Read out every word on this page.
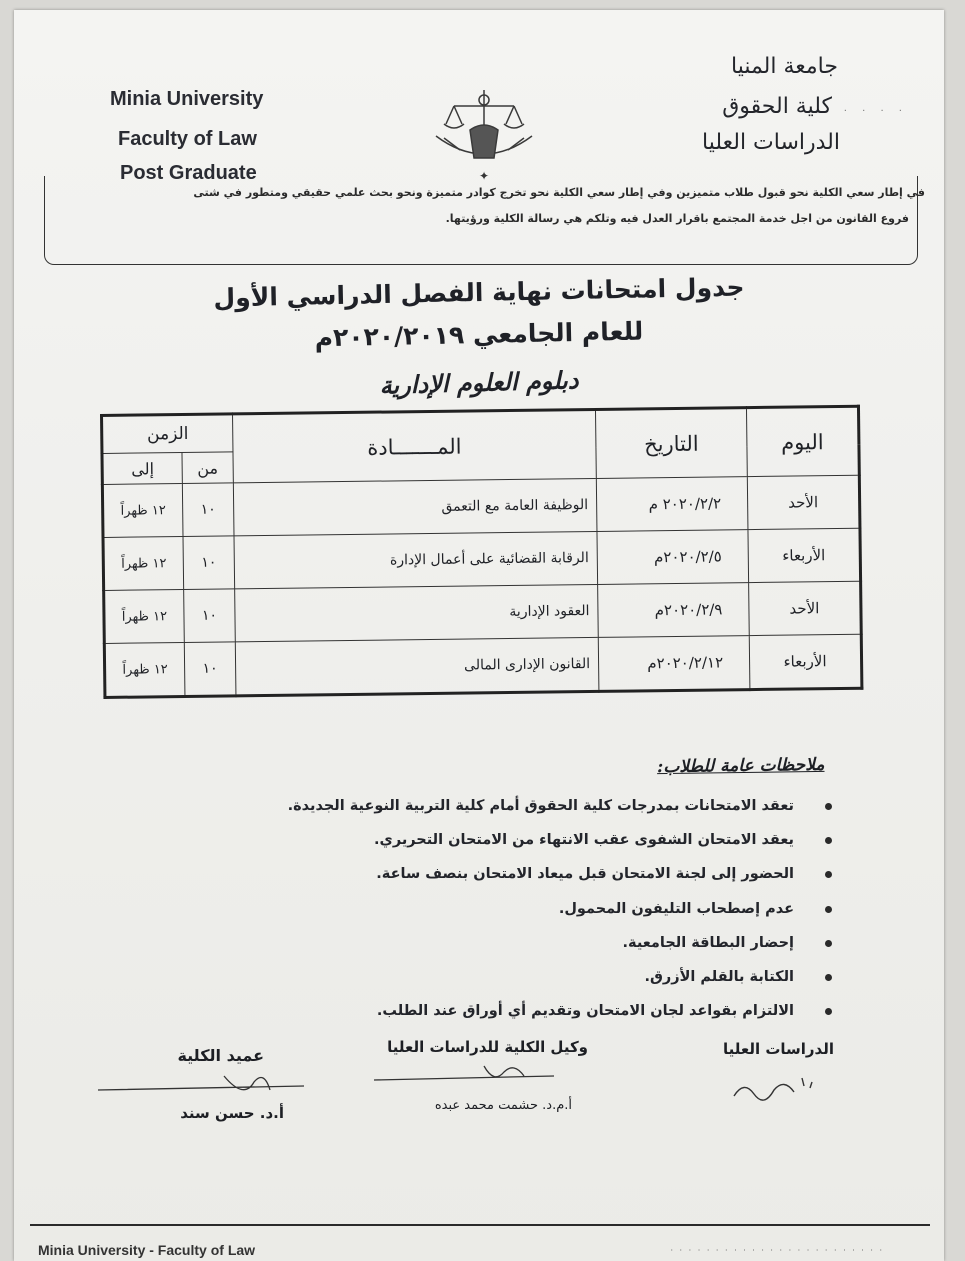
Minia University
Faculty of Law
Post Graduate
جامعة المنيا
كلية الحقوق
الدراسات العليا
· · · ·
✦
في إطار سعي الكلية نحو قبول طلاب متميزين وفي إطار سعي الكلية نحو تخرج كوادر متميزة ونحو بحث علمي حقيقي ومتطور في شتى
فروع القانون من اجل خدمة المجتمع باقرار العدل فيه وتلكم هي رسالة الكلية ورؤيتها.
جدول امتحانات نهاية الفصل الدراسي الأول
للعام الجامعي ٢٠٢٠/٢٠١٩م
دبلوم العلوم الإدارية
اليوم	التاريخ	المـــــــادة	الزمن	
			من	إلى
الأحد	٢٠٢٠/٢/٢ م	الوظيفة العامة مع التعمق	١٠	١٢ ظهراً
الأربعاء	٢٠٢٠/٢/٥م	الرقابة القضائية على أعمال الإدارة	١٠	١٢ ظهراً
الأحد	٢٠٢٠/٢/٩م	العقود الإدارية	١٠	١٢ ظهراً
الأربعاء	٢٠٢٠/٢/١٢م	القانون الإدارى المالى	١٠	١٢ ظهراً
ملاحظات عامة للطلاب:
تعقد الامتحانات بمدرجات كلية الحقوق أمام كلية التربية النوعية الجديدة.
يعقد الامتحان الشفوى عقب الانتهاء من الامتحان التحريري.
الحضور إلى لجنة الامتحان قبل ميعاد الامتحان بنصف ساعة.
عدم إصطحاب التليفون المحمول.
إحضار البطاقة الجامعية.
الكتابة بالقلم الأزرق.
الالتزام بقواعد لجان الامتحان وتقديم أي أوراق عند الطلب.
الدراسات العليا
وكيل الكلية للدراسات العليا
أ.م.د. حشمت محمد عبده
عميد الكلية
أ.د. حسن سند
Minia University - Faculty of Law	· · · · · · · · · · · · · · · · · · · · · · · ·
